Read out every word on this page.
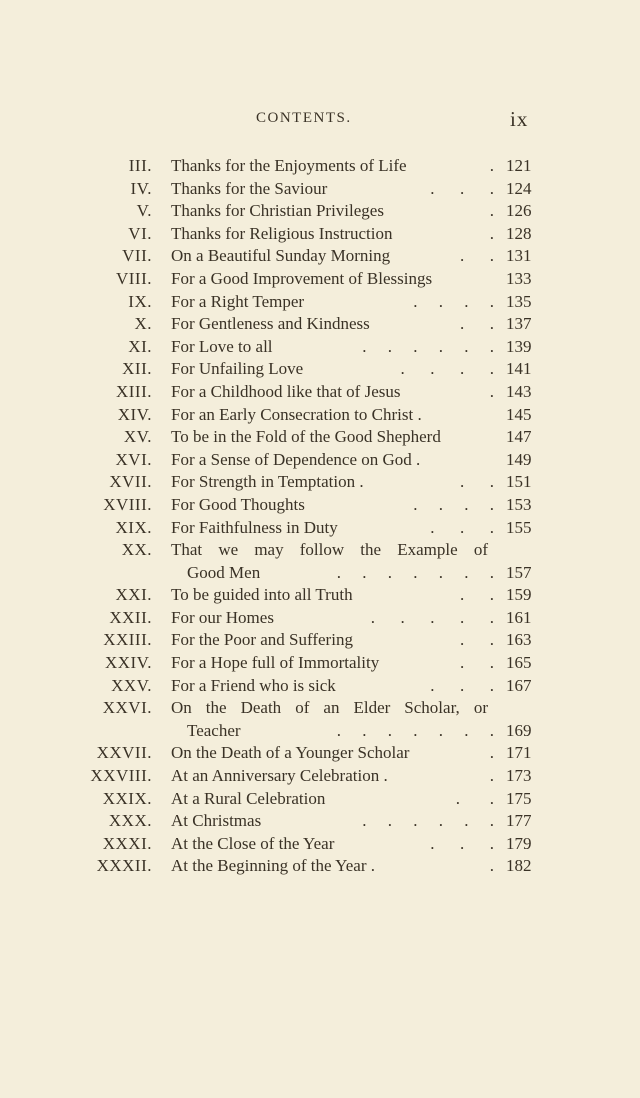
CONTENTS.	ix
III. Thanks for the Enjoyments of Life	. 121
IV. Thanks for the Saviour	.      .      . 124
V. Thanks for Christian Privileges	. 126
VI. Thanks for Religious Instruction	. 128
VII. On a Beautiful Sunday Morning	.      . 131
VIII. For a Good Improvement of Blessings	133
IX. For a Right Temper	.     .     .     . 135
X. For Gentleness and Kindness	.      . 137
XI. For Love to all	.     .     .     .     .     . 139
XII. For Unfailing Love	.      .      .      . 141
XIII. For a Childhood like that of Jesus	. 143
XIV. For an Early Consecration to Christ .	145
XV. To be in the Fold of the Good Shepherd	147
XVI. For a Sense of Dependence on God .	149
XVII. For Strength in Temptation .	.      . 151
XVIII. For Good Thoughts	.     .     .     . 153
XIX. For Faithfulness in Duty	.      .      . 155
XX. That we may follow the Example of
Good Men	.     .     .     .     .     .     . 157
XXI. To be guided into all Truth	.      . 159
XXII. For our Homes	.      .      .      .      . 161
XXIII. For the Poor and Suffering	.      . 163
XXIV. For a Hope full of Immortality	.      . 165
XXV. For a Friend who is sick	.      .      . 167
XXVI. On the Death of an Elder Scholar, or
Teacher	.     .     .     .     .     .     . 169
XXVII. On the Death of a Younger Scholar	. 171
XXVIII. At an Anniversary Celebration .	. 173
XXIX. At a Rural Celebration	.       . 175
XXX. At Christmas	.     .     .     .     .     . 177
XXXI. At the Close of the Year	.      .      . 179
XXXII. At the Beginning of the Year .	. 182
